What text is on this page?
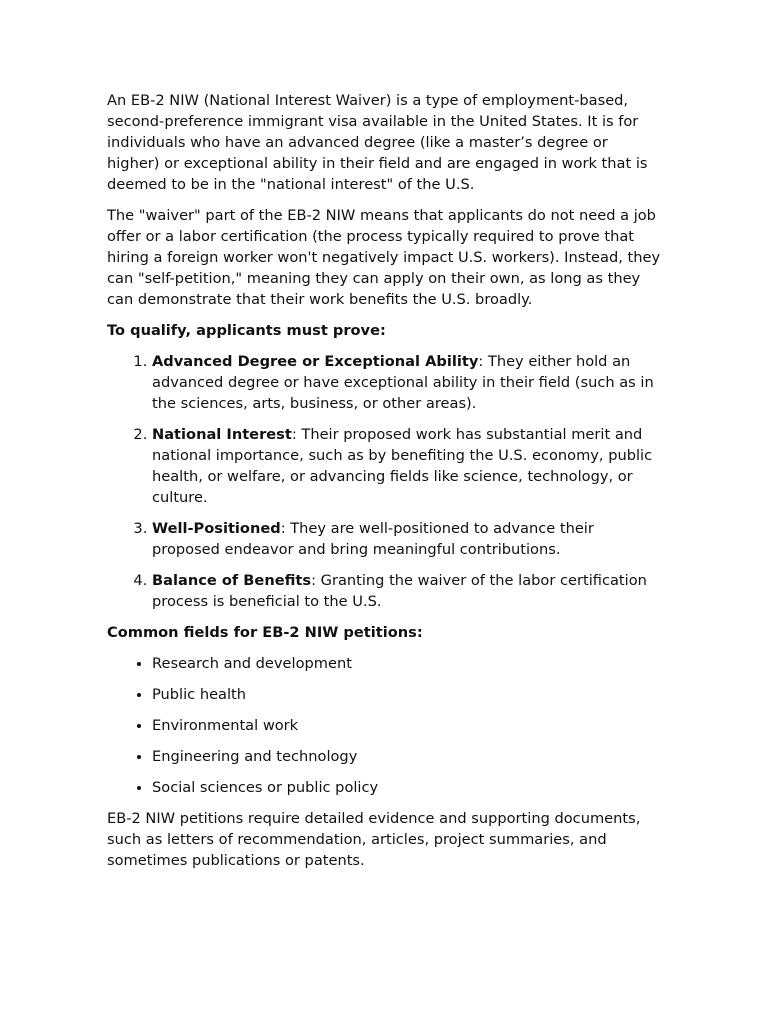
An EB-2 NIW (National Interest Waiver) is a type of employment-based, second-preference immigrant visa available in the United States. It is for individuals who have an advanced degree (like a master’s degree or higher) or exceptional ability in their field and are engaged in work that is deemed to be in the "national interest" of the U.S.

The "waiver" part of the EB-2 NIW means that applicants do not need a job offer or a labor certification (the process typically required to prove that hiring a foreign worker won't negatively impact U.S. workers). Instead, they can "self-petition," meaning they can apply on their own, as long as they can demonstrate that their work benefits the U.S. broadly.

To qualify, applicants must prove:

1. Advanced Degree or Exceptional Ability: They either hold an advanced degree or have exceptional ability in their field (such as in the sciences, arts, business, or other areas).
2. National Interest: Their proposed work has substantial merit and national importance, such as by benefiting the U.S. economy, public health, or welfare, or advancing fields like science, technology, or culture.
3. Well-Positioned: They are well-positioned to advance their proposed endeavor and bring meaningful contributions.
4. Balance of Benefits: Granting the waiver of the labor certification process is beneficial to the U.S.

Common fields for EB-2 NIW petitions:

• Research and development
• Public health
• Environmental work
• Engineering and technology
• Social sciences or public policy

EB-2 NIW petitions require detailed evidence and supporting documents, such as letters of recommendation, articles, project summaries, and sometimes publications or patents.
